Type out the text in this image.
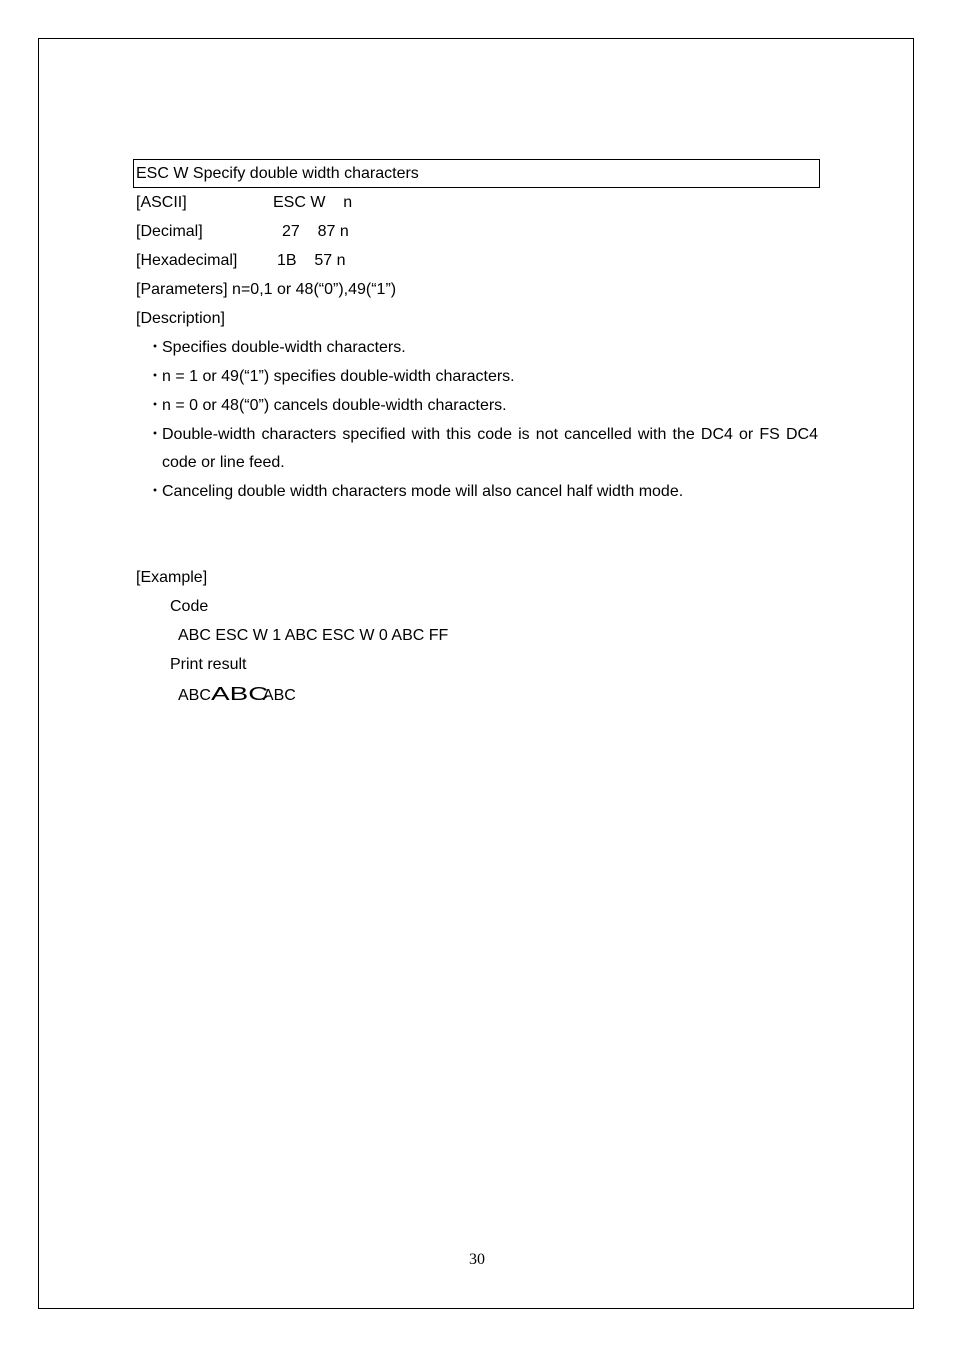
ESC W Specify double width characters
[ASCII]	ESC W    n
[Decimal]	27    87 n
[Hexadecimal] 1B    57 n
[Parameters] n=0,1 or 48(“0”),49(“1”)
[Description]
・
Specifies double-width characters.
・
n = 1 or 49(“1”) specifies double-width characters.
・
n = 0 or 48(“0”) cancels double-width characters.
・
Double-width characters specified with this code is not cancelled with the DC4 or FS DC4 code or line feed.
・
Canceling double width characters mode will also cancel half width mode.
[Example]
Code
ABC ESC W 1 ABC ESC W 0 ABC FF
Print result
ABCABCABC
30
